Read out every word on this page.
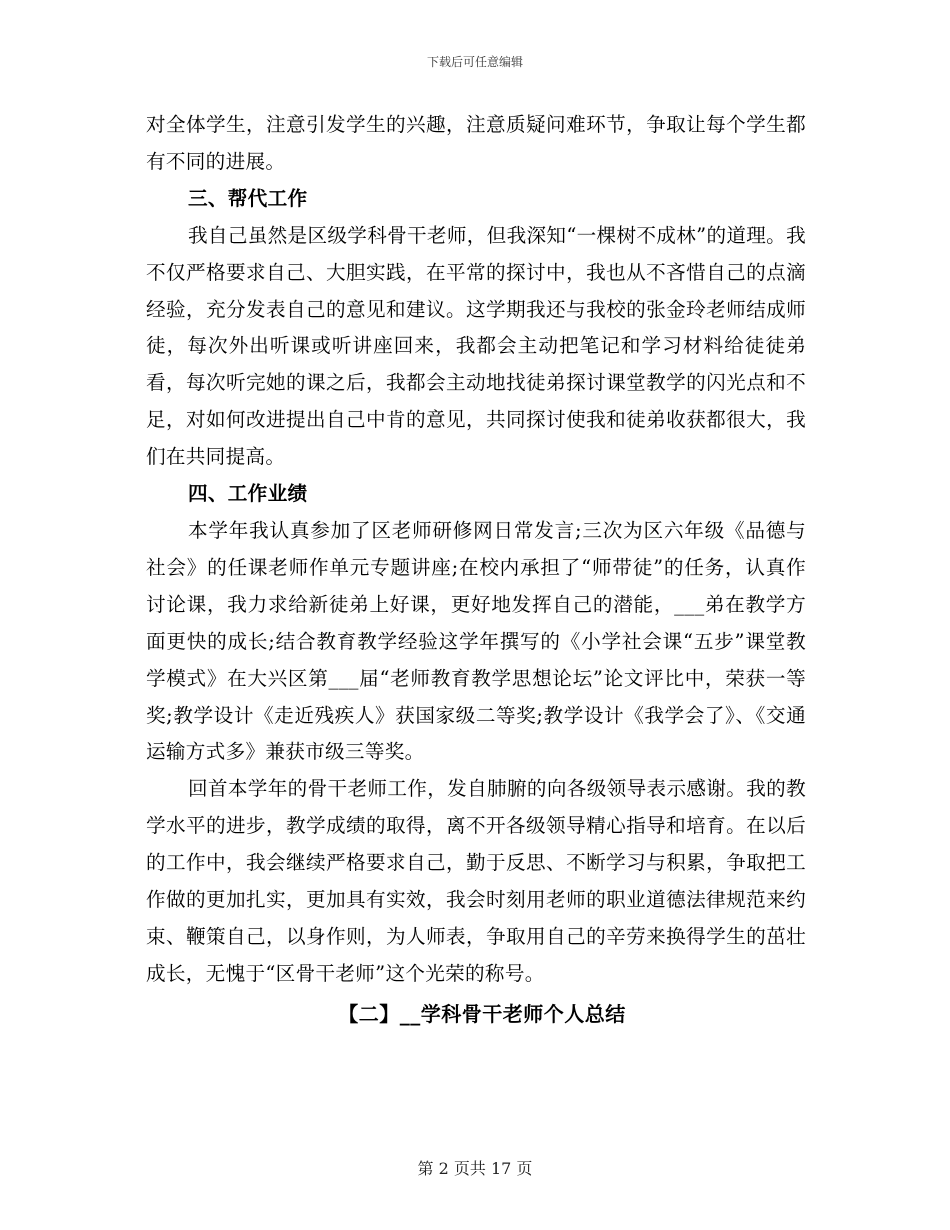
下载后可任意编辑

对全体学生，注意引发学生的兴趣，注意质疑问难环节，争取让每个学生都有不同的进展。

三、帮代工作

我自己虽然是区级学科骨干老师，但我深知“一棵树不成林”的道理。我不仅严格要求自己、大胆实践，在平常的探讨中，我也从不吝惜自己的点滴经验，充分发表自己的意见和建议。这学期我还与我校的张金玲老师结成师徒，每次外出听课或听讲座回来，我都会主动把笔记和学习材料给徒徒弟看，每次听完她的课之后，我都会主动地找徒弟探讨课堂教学的闪光点和不足，对如何改进提出自己中肯的意见，共同探讨使我和徒弟收获都很大，我们在共同提高。

四、工作业绩

本学年我认真参加了区老师研修网日常发言;三次为区六年级《品德与社会》的任课老师作单元专题讲座;在校内承担了“师带徒”的任务，认真作讨论课，我力求给新徒弟上好课，更好地发挥自己的潜能，___弟在教学方面更快的成长;结合教育教学经验这学年撰写的《小学社会课“五步”课堂教学模式》在大兴区第___届“老师教育教学思想论坛”论文评比中，荣获一等奖;教学设计《走近残疾人》获国家级二等奖;教学设计《我学会了》、《交通运输方式多》兼获市级三等奖。

回首本学年的骨干老师工作，发自肺腑的向各级领导表示感谢。我的教学水平的进步，教学成绩的取得，离不开各级领导精心指导和培育。在以后的工作中，我会继续严格要求自己，勤于反思、不断学习与积累，争取把工作做的更加扎实，更加具有实效，我会时刻用老师的职业道德法律规范来约束、鞭策自己，以身作则，为人师表，争取用自己的辛劳来换得学生的茁壮成长，无愧于“区骨干老师”这个光荣的称号。

【二】__学科骨干老师个人总结

第 2 页共 17 页
